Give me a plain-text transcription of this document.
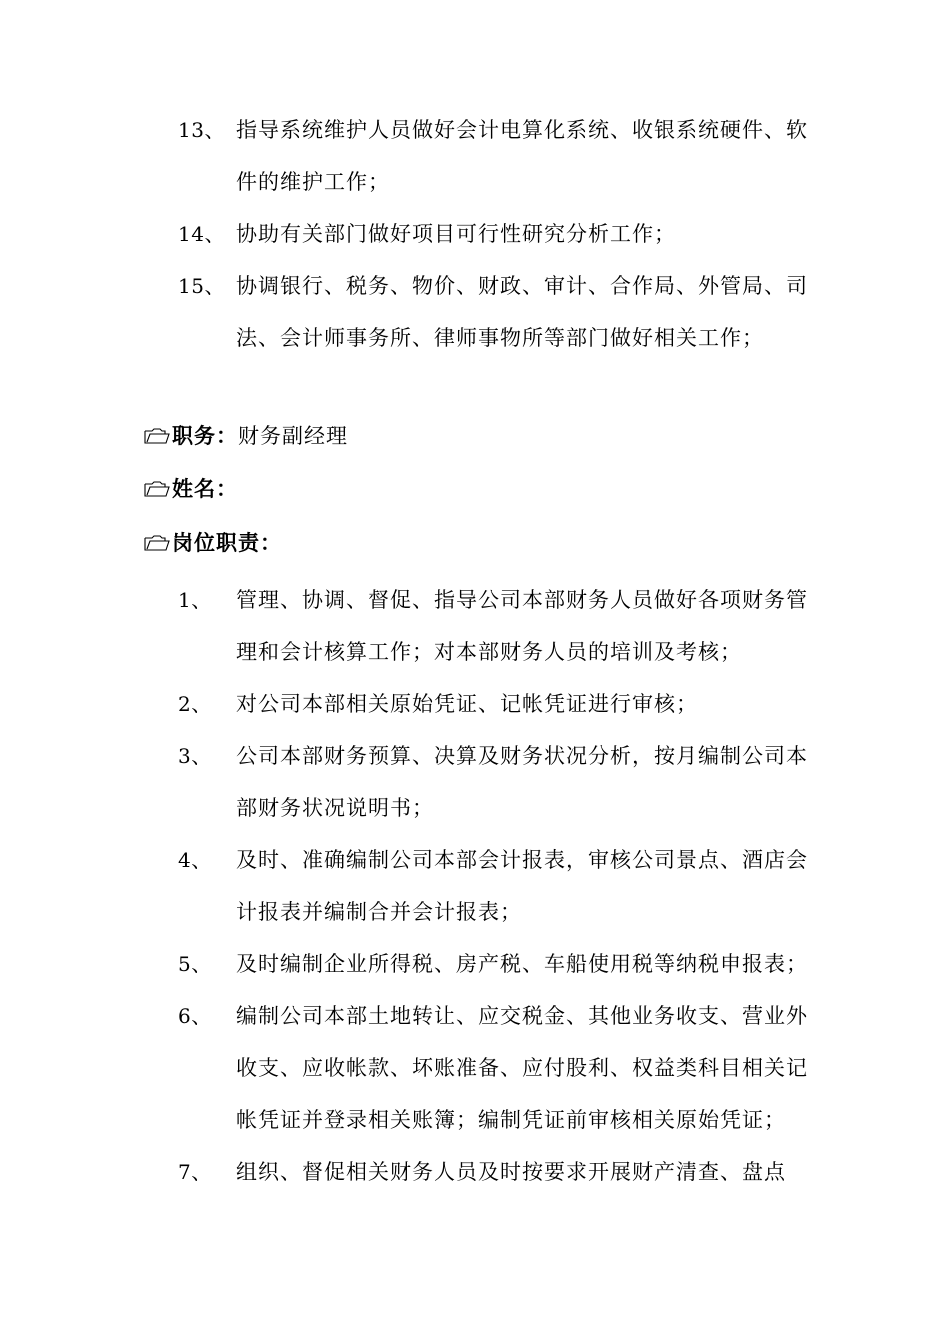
13、 指导系统维护人员做好会计电算化系统、收银系统硬件、软件的维护工作；
14、 协助有关部门做好项目可行性研究分析工作；
15、 协调银行、税务、物价、财政、审计、合作局、外管局、司法、会计师事务所、律师事物所等部门做好相关工作；
职务： 财务副经理
姓名：
岗位职责：
1、	管理、协调、督促、指导公司本部财务人员做好各项财务管理和会计核算工作；对本部财务人员的培训及考核；
2、	对公司本部相关原始凭证、记帐凭证进行审核；
3、	公司本部财务预算、决算及财务状况分析，按月编制公司本部财务状况说明书；
4、	及时、准确编制公司本部会计报表，审核公司景点、酒店会计报表并编制合并会计报表；
5、	及时编制企业所得税、房产税、车船使用税等纳税申报表；
6、	编制公司本部土地转让、应交税金、其他业务收支、营业外收支、应收帐款、坏账准备、应付股利、权益类科目相关记帐凭证并登录相关账簿；编制凭证前审核相关原始凭证；
7、	组织、督促相关财务人员及时按要求开展财产清查、盘点
